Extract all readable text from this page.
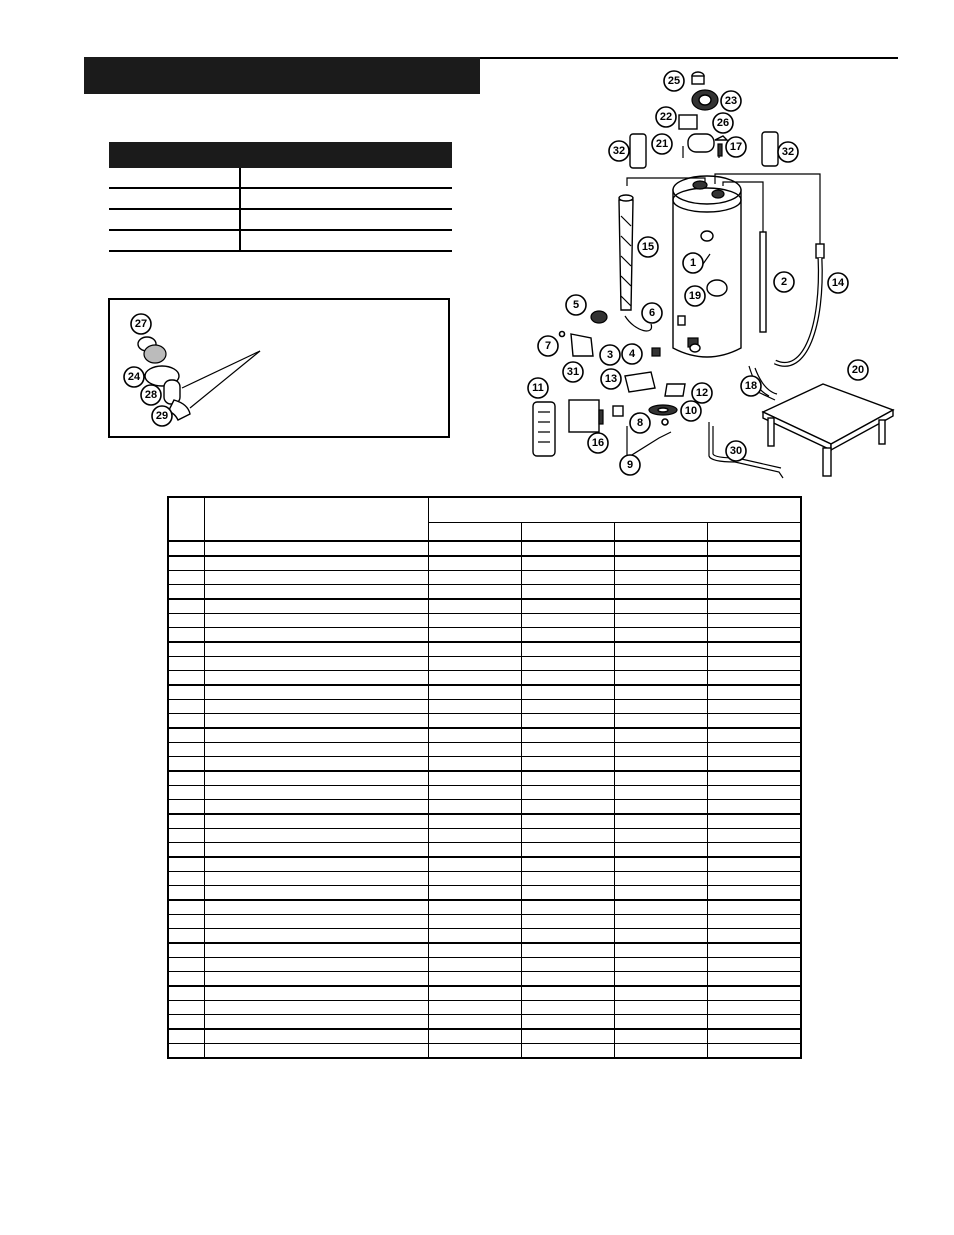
27
24
28
29
25
23
22	26
21	17
32	32
15
1
2	14
19
5
6
7
3 4
31
13
20
18
12
11
10
8
16
30
9
